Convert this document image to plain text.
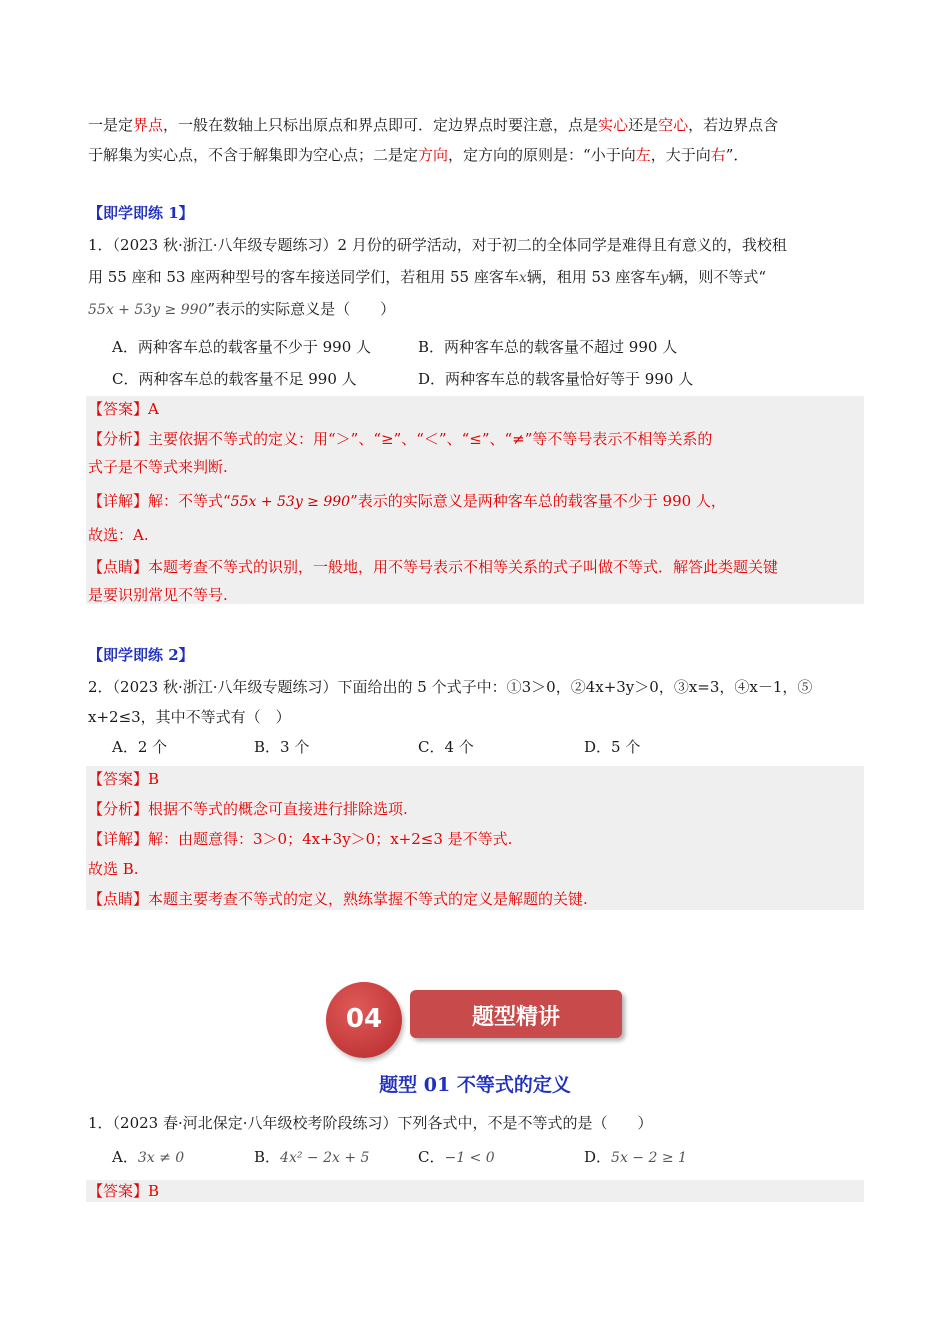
一是定界点，一般在数轴上只标出原点和界点即可．定边界点时要注意，点是实心还是空心，若边界点含
于解集为实心点，不含于解集即为空心点；二是定方向，定方向的原则是：“小于向左，大于向右”．
【即学即练 1】
1．（2023 秋·浙江·八年级专题练习）2 月份的研学活动，对于初二的全体同学是难得且有意义的，我校租
用 55 座和 53 座两种型号的客车接送同学们，若租用 55 座客车x辆，租用 53 座客车y辆，则不等式“
55x + 53y ≥ 990”表示的实际意义是（　　）
A．两种客车总的载客量不少于 990 人	B．两种客车总的载客量不超过 990 人
C．两种客车总的载客量不足 990 人	D．两种客车总的载客量恰好等于 990 人
【答案】A
【分析】主要依据不等式的定义：用“＞”、“≥”、“＜”、“≤”、“≠”等不等号表示不相等关系的
式子是不等式来判断.
【详解】解：不等式“55x + 53y ≥ 990”表示的实际意义是两种客车总的载客量不少于 990 人，
故选：A.
【点睛】本题考查不等式的识别，一般地，用不等号表示不相等关系的式子叫做不等式．解答此类题关键
是要识别常见不等号.
【即学即练 2】
2．（2023 秋·浙江·八年级专题练习）下面给出的 5 个式子中：①3＞0，②4x+3y＞0，③x=3，④x－1，⑤
x+2≤3，其中不等式有（　）
A．2 个	B．3 个	C．4 个	D．5 个
【答案】B
【分析】根据不等式的概念可直接进行排除选项.
【详解】解：由题意得：3＞0；4x+3y＞0；x+2≤3 是不等式.
故选 B.
【点睛】本题主要考查不等式的定义，熟练掌握不等式的定义是解题的关键.
04	题型精讲
题型 01 不等式的定义
1．（2023 春·河北保定·八年级校考阶段练习）下列各式中，不是不等式的是（　　）
A．3x ≠ 0	B．4x² − 2x + 5	C．−1 < 0	D．5x − 2 ≥ 1
【答案】B
